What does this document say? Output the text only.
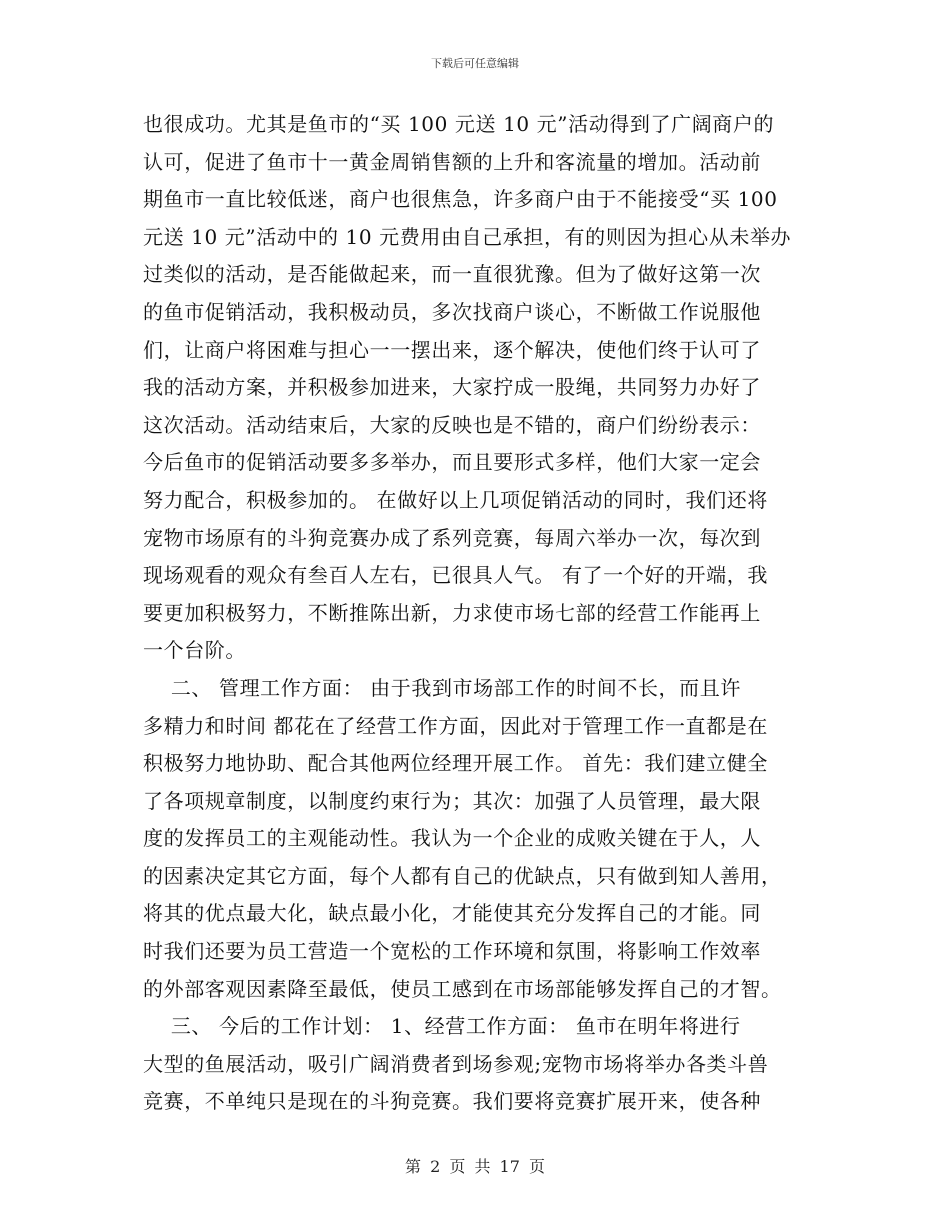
下载后可任意编辑
也很成功。尤其是鱼市的“买 100 元送 10 元”活动得到了广阔商户的
认可，促进了鱼市十一黄金周销售额的上升和客流量的增加。活动前
期鱼市一直比较低迷，商户也很焦急，许多商户由于不能接受“买 100
元送 10 元”活动中的 10 元费用由自己承担，有的则因为担心从未举办
过类似的活动，是否能做起来，而一直很犹豫。但为了做好这第一次
的鱼市促销活动，我积极动员，多次找商户谈心，不断做工作说服他
们，让商户将困难与担心一一摆出来，逐个解决，使他们终于认可了
我的活动方案，并积极参加进来，大家拧成一股绳，共同努力办好了
这次活动。活动结束后，大家的反映也是不错的，商户们纷纷表示：
今后鱼市的促销活动要多多举办，而且要形式多样，他们大家一定会
努力配合，积极参加的。 在做好以上几项促销活动的同时，我们还将
宠物市场原有的斗狗竞赛办成了系列竞赛，每周六举办一次，每次到
现场观看的观众有叁百人左右，已很具人气。 有了一个好的开端，我
要更加积极努力，不断推陈出新，力求使市场七部的经营工作能再上
一个台阶。
二、 管理工作方面： 由于我到市场部工作的时间不长，而且许
多精力和时间 都花在了经营工作方面，因此对于管理工作一直都是在
积极努力地协助、配合其他两位经理开展工作。 首先：我们建立健全
了各项规章制度，以制度约束行为；其次：加强了人员管理，最大限
度的发挥员工的主观能动性。我认为一个企业的成败关键在于人，人
的因素决定其它方面，每个人都有自己的优缺点，只有做到知人善用，
将其的优点最大化，缺点最小化，才能使其充分发挥自己的才能。同
时我们还要为员工营造一个宽松的工作环境和氛围，将影响工作效率
的外部客观因素降至最低，使员工感到在市场部能够发挥自己的才智。
三、 今后的工作计划： 1、经营工作方面： 鱼市在明年将进行
大型的鱼展活动，吸引广阔消费者到场参观;宠物市场将举办各类斗兽
竞赛，不单纯只是现在的斗狗竞赛。我们要将竞赛扩展开来，使各种
第 2 页 共 17 页
